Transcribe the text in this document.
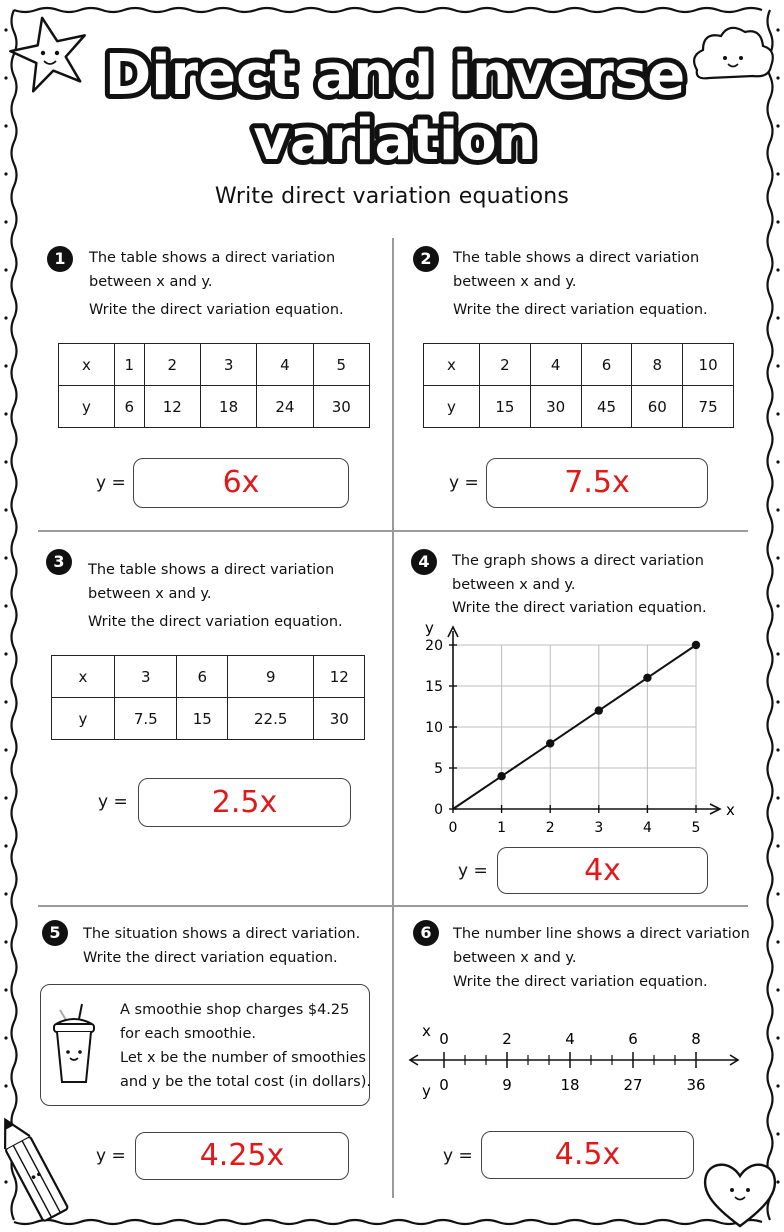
Direct and inverse
variation
Write direct variation equations
1	The table shows a direct variation
between x and y.
Write the direct variation equation.
x	1	2	3	4	5
y	6	12	18	24	30
y =	6x
2	The table shows a direct variation
between x and y.
Write the direct variation equation.
x	2	4	6	8	10
y	15	30	45	60	75
y =	7.5x
3	The table shows a direct variation
between x and y.
Write the direct variation equation.
x	3	6	9	12
y	7.5	15	22.5	30
y =	2.5x
4	The graph shows a direct variation
between x and y.
Write the direct variation equation.
0	1	2	3	4	5
0
5
10
15
20
y
x
y =	4x
5	The situation shows a direct variation.
Write the direct variation equation.
A smoothie shop charges $4.25
for each smoothie.
Let x be the number of smoothies
and y be the total cost (in dollars).
y =	4.25x
6	The number line shows a direct variation
between x and y.
Write the direct variation equation.
x
y
0	2	4	6	8
0	9	18	27	36
y =	4.5x
